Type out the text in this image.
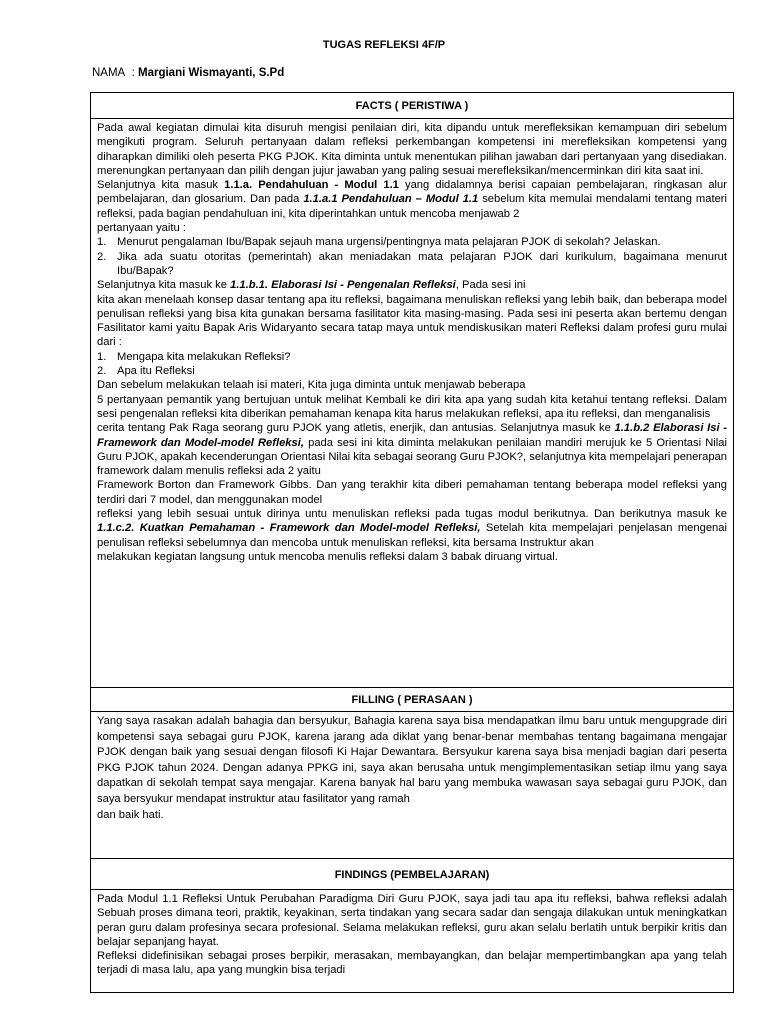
TUGAS REFLEKSI 4F/P
NAMA  : Margiani Wismayanti, S.Pd
FACTS ( PERISTIWA )

Pada awal kegiatan dimulai kita disuruh mengisi penilaian diri, kita dipandu untuk merefleksikan kemampuan diri sebelum mengikuti program. Seluruh pertanyaan dalam refleksi perkembangan kompetensi ini merefleksikan kompetensi yang diharapkan dimiliki oleh peserta PKG PJOK. Kita diminta untuk menentukan pilihan jawaban dari pertanyaan yang disediakan. merenungkan pertanyaan dan pilih dengan jujur jawaban yang paling sesuai merefleksikan/mencerminkan diri kita saat ini.

Selanjutnya kita masuk 1.1.a. Pendahuluan - Modul 1.1 yang didalamnya berisi capaian pembelajaran, ringkasan alur pembelajaran, dan glosarium. Dan pada 1.1.a.1 Pendahuluan – Modul 1.1 sebelum kita memulai mendalami tentang materi refleksi, pada bagian pendahuluan ini, kita diperintahkan untuk mencoba menjawab 2

pertanyaan yaitu :

1. Menurut pengalaman Ibu/Bapak sejauh mana urgensi/pentingnya mata pelajaran PJOK di sekolah? Jelaskan.
2. Jika ada suatu otoritas (pemerintah) akan meniadakan mata pelajaran PJOK dari kurikulum, bagaimana menurut Ibu/Bapak?

Selanjutnya kita masuk ke 1.1.b.1. Elaborasi Isi - Pengenalan Refleksi, Pada sesi ini

kita akan menelaah konsep dasar tentang apa itu refleksi, bagaimana menuliskan refleksi yang lebih baik, dan beberapa model penulisan refleksi yang bisa kita gunakan bersama fasilitator kita masing-masing. Pada sesi ini peserta akan bertemu dengan Fasilitator kami yaitu Bapak Aris Widaryanto secara tatap maya untuk mendiskusikan materi Refleksi dalam profesi guru mulai dari :

1. Mengapa kita melakukan Refleksi?
2. Apa itu Refleksi

Dan sebelum melakukan telaah isi materi, Kita juga diminta untuk menjawab beberapa

5 pertanyaan pemantik yang bertujuan untuk melihat Kembali ke diri kita apa yang sudah kita ketahui tentang refleksi. Dalam sesi pengenalan refleksi kita diberikan pemahaman kenapa kita harus melakukan refleksi, apa itu refleksi, dan menganalisis

cerita tentang Pak Raga seorang guru PJOK yang atletis, enerjik, dan antusias. Selanjutnya masuk ke 1.1.b.2 Elaborasi Isi - Framework dan Model-model Refleksi, pada sesi ini kita diminta melakukan penilaian mandiri merujuk ke 5 Orientasi Nilai Guru PJOK, apakah kecenderungan Orientasi Nilai kita sebagai seorang Guru PJOK?, selanjutnya kita mempelajari penerapan framework dalam menulis refleksi ada 2 yaitu

Framework Borton dan Framework Gibbs. Dan yang terakhir kita diberi pemahaman tentang beberapa model refleksi yang terdiri dari 7 model, dan menggunakan model

refleksi yang lebih sesuai untuk dirinya untu menuliskan refleksi pada tugas modul berikutnya. Dan berikutnya masuk ke 1.1.c.2. Kuatkan Pemahaman - Framework dan Model-model Refleksi, Setelah kita mempelajari penjelasan mengenai penulisan refleksi sebelumnya dan mencoba untuk menuliskan refleksi, kita bersama Instruktur akan

melakukan kegiatan langsung untuk mencoba menulis refleksi dalam 3 babak diruang virtual.

FILLING ( PERASAAN )

Yang saya rasakan adalah bahagia dan bersyukur, Bahagia karena saya bisa mendapatkan ilmu baru untuk mengupgrade diri kompetensi saya sebagai guru PJOK, karena jarang ada diklat yang benar-benar membahas tentang bagaimana mengajar PJOK dengan baik yang sesuai dengan filosofi Ki Hajar Dewantara. Bersyukur karena saya bisa menjadi bagian dari peserta PKG PJOK tahun 2024. Dengan adanya PPKG ini, saya akan berusaha untuk mengimplementasikan setiap ilmu yang saya dapatkan di sekolah tempat saya mengajar. Karena banyak hal baru yang membuka wawasan saya sebagai guru PJOK, dan saya bersyukur mendapat instruktur atau fasilitator yang ramah

dan baik hati.

FINDINGS (PEMBELAJARAN)

Pada Modul 1.1 Refleksi Untuk Perubahan Paradigma Diri Guru PJOK, saya jadi tau apa itu refleksi, bahwa refleksi adalah Sebuah proses dimana teori, praktik, keyakinan, serta tindakan yang secara sadar dan sengaja dilakukan untuk meningkatkan peran guru dalam profesinya secara profesional. Selama melakukan refleksi, guru akan selalu berlatih untuk berpikir kritis dan belajar sepanjang hayat.

Refleksi didefinisikan sebagai proses berpikir, merasakan, membayangkan, dan belajar mempertimbangkan apa yang telah terjadi di masa lalu, apa yang mungkin bisa terjadi
